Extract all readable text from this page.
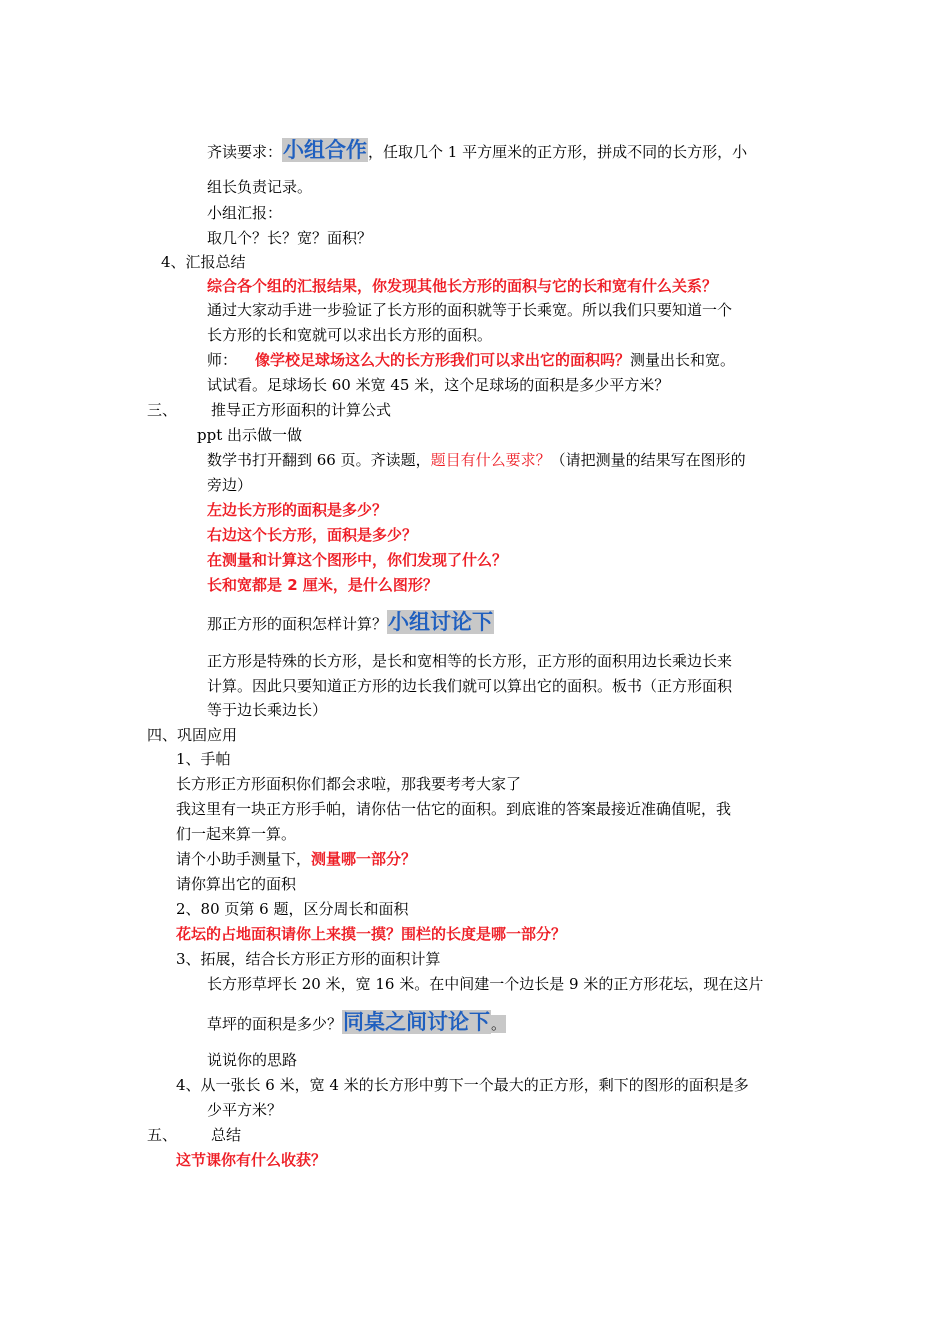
齐读要求：小组合作，任取几个 1 平方厘米的正方形，拼成不同的长方形，小
组长负责记录。
小组汇报：
取几个？长？宽？面积？
4、汇报总结
综合各个组的汇报结果，你发现其他长方形的面积与它的长和宽有什么关系？
通过大家动手进一步验证了长方形的面积就等于长乘宽。所以我们只要知道一个
长方形的长和宽就可以求出长方形的面积。
师： 像学校足球场这么大的长方形我们可以求出它的面积吗？测量出长和宽。
试试看。足球场长 60 米宽 45 米，这个足球场的面积是多少平方米？
三、 推导正方形面积的计算公式
ppt 出示做一做
数学书打开翻到 66 页。齐读题，题目有什么要求？（请把测量的结果写在图形的
旁边）
左边长方形的面积是多少？
右边这个长方形，面积是多少？
在测量和计算这个图形中，你们发现了什么？
长和宽都是 2 厘米，是什么图形？
那正方形的面积怎样计算？小组讨论下
正方形是特殊的长方形，是长和宽相等的长方形，正方形的面积用边长乘边长来
计算。因此只要知道正方形的边长我们就可以算出它的面积。板书（正方形面积
等于边长乘边长）
四、巩固应用
1、手帕
长方形正方形面积你们都会求啦，那我要考考大家了
我这里有一块正方形手帕，请你估一估它的面积。到底谁的答案最接近准确值呢，我
们一起来算一算。
请个小助手测量下，测量哪一部分？
请你算出它的面积
2、80 页第 6 题，区分周长和面积
花坛的占地面积请你上来摸一摸？围栏的长度是哪一部分？
3、拓展，结合长方形正方形的面积计算
长方形草坪长 20 米，宽 16 米。在中间建一个边长是 9 米的正方形花坛，现在这片
草坪的面积是多少？同桌之间讨论下。
说说你的思路
4、从一张长 6 米，宽 4 米的长方形中剪下一个最大的正方形，剩下的图形的面积是多
少平方米？
五、 总结
这节课你有什么收获？
